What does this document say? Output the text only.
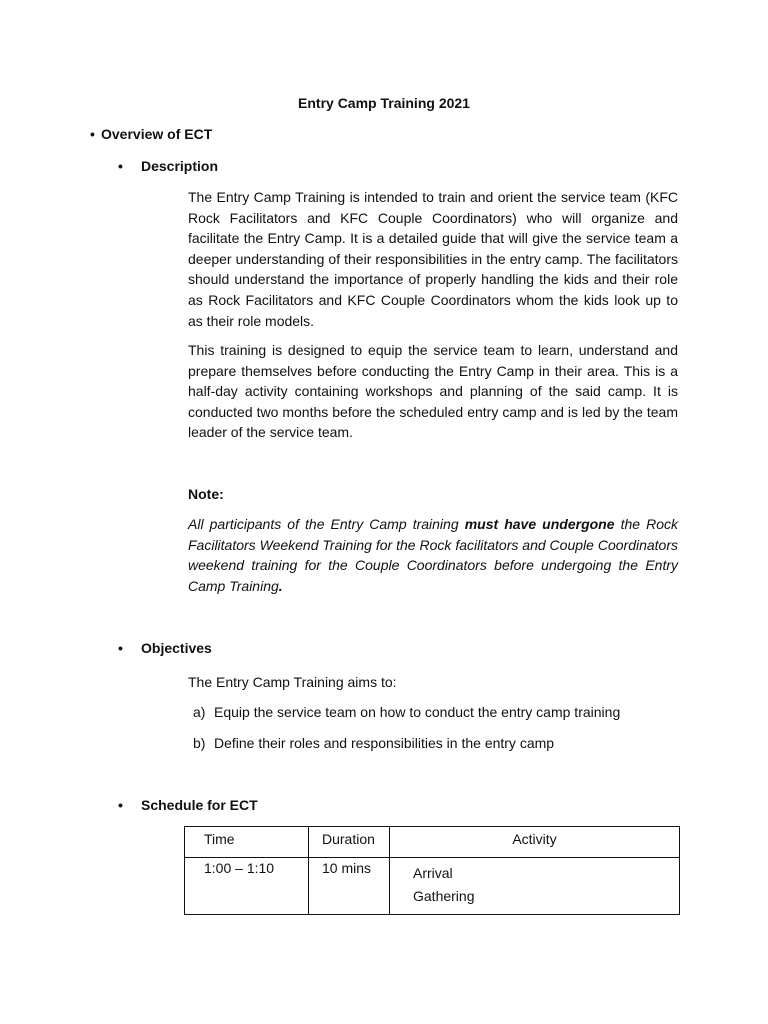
Entry Camp Training 2021
• Overview of ECT
• Description
The Entry Camp Training is intended to train and orient the service team (KFC Rock Facilitators and KFC Couple Coordinators) who will organize and facilitate the Entry Camp. It is a detailed guide that will give the service team a deeper understanding of their responsibilities in the entry camp. The facilitators should understand the importance of properly handling the kids and their role as Rock Facilitators and KFC Couple Coordinators whom the kids look up to as their role models.
This training is designed to equip the service team to learn, understand and prepare themselves before conducting the Entry Camp in their area. This is a half-day activity containing workshops and planning of the said camp. It is conducted two months before the scheduled entry camp and is led by the team leader of the service team.
Note:
All participants of the Entry Camp training must have undergone the Rock Facilitators Weekend Training for the Rock facilitators and Couple Coordinators weekend training for the Couple Coordinators before undergoing the Entry Camp Training.
• Objectives
The Entry Camp Training aims to:
a) Equip the service team on how to conduct the entry camp training
b) Define their roles and responsibilities in the entry camp
• Schedule for ECT
Time	Duration	Activity
1:00 – 1:10	10 mins	Arrival
Gathering
